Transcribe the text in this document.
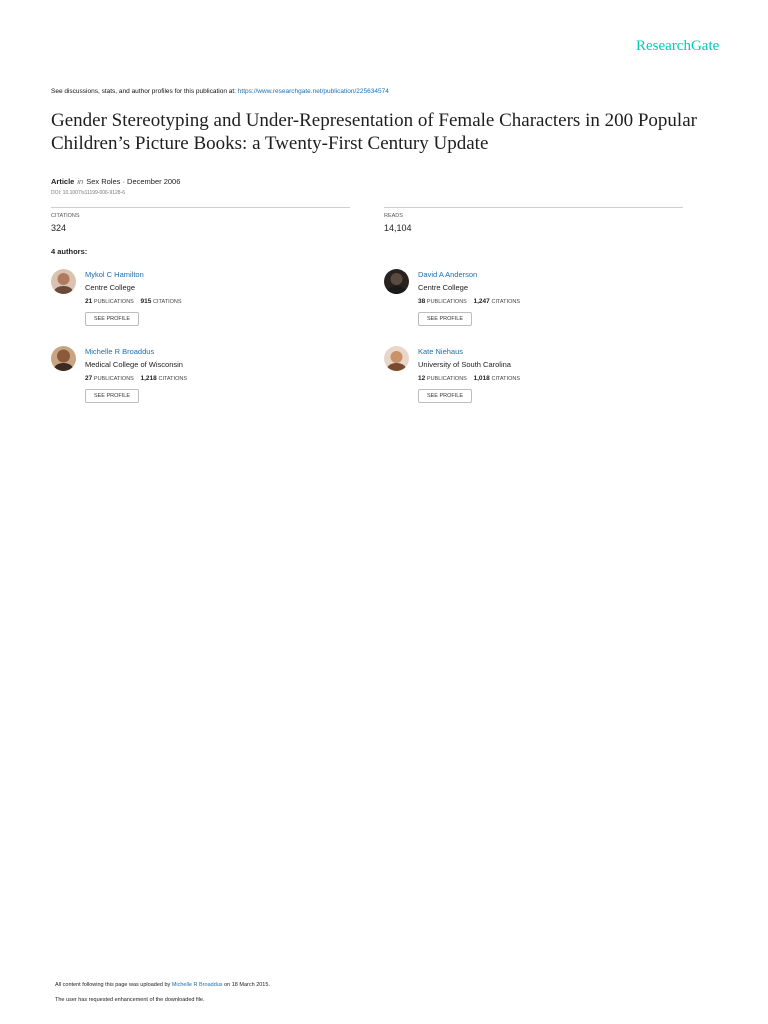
ResearchGate
See discussions, stats, and author profiles for this publication at: https://www.researchgate.net/publication/225634574
Gender Stereotyping and Under-Representation of Female Characters in 200 Popular Children’s Picture Books: a Twenty-First Century Update
Article in Sex Roles · December 2006
DOI: 10.1007/s11199-006-9128-6
CITATIONS
324
READS
14,104
4 authors:
Mykol C Hamilton
Centre College
21 PUBLICATIONS 915 CITATIONS
SEE PROFILE
David A Anderson
Centre College
38 PUBLICATIONS 1,247 CITATIONS
SEE PROFILE
Michelle R Broaddus
Medical College of Wisconsin
27 PUBLICATIONS 1,218 CITATIONS
SEE PROFILE
Kate Niehaus
University of South Carolina
12 PUBLICATIONS 1,018 CITATIONS
SEE PROFILE
All content following this page was uploaded by Michelle R Broaddus on 18 March 2015.
The user has requested enhancement of the downloaded file.
